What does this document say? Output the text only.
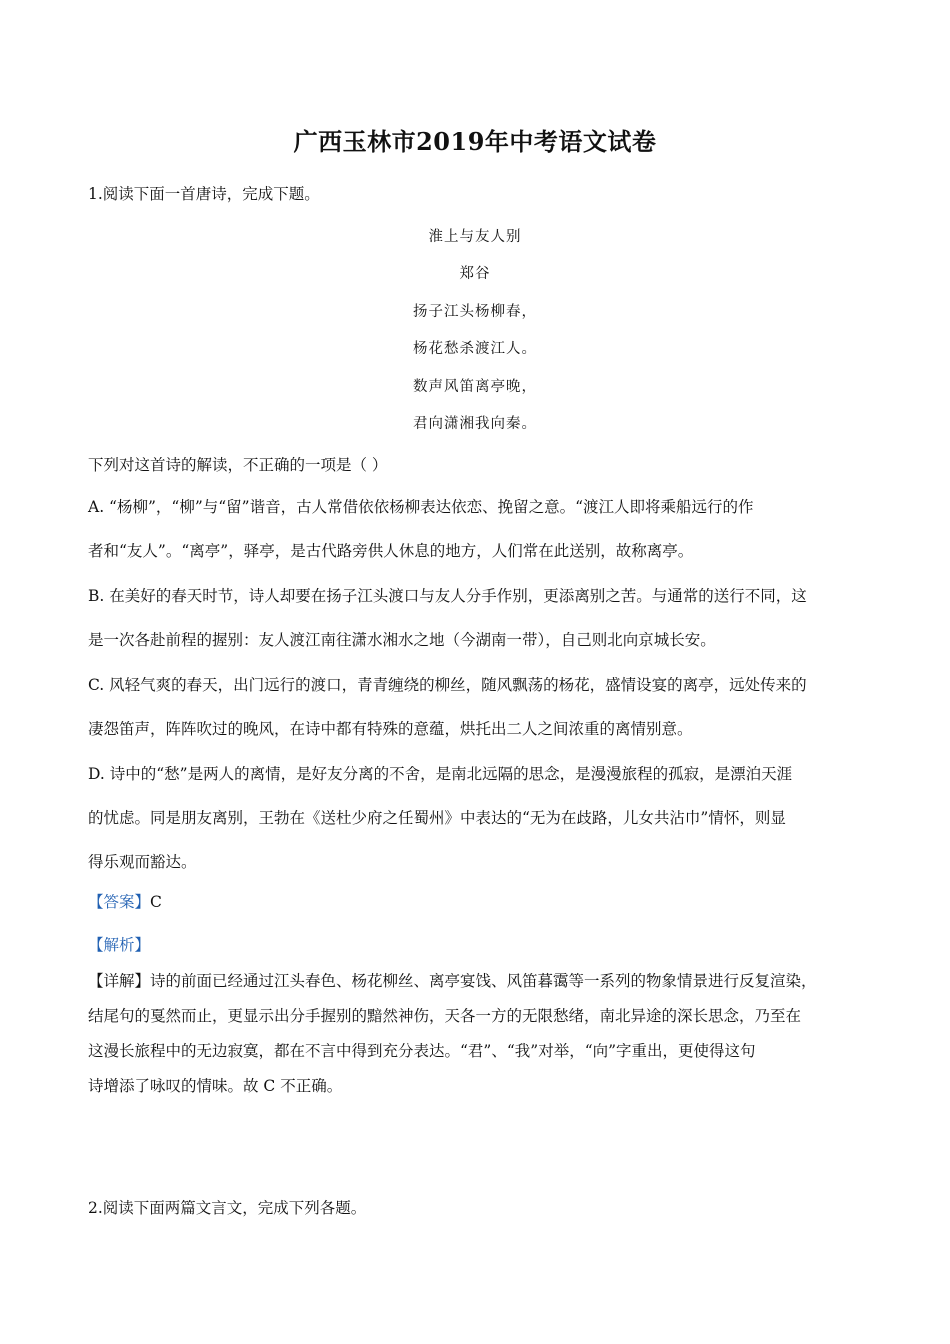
广西玉林市2019年中考语文试卷
1.阅读下面一首唐诗，完成下题。
淮上与友人别
郑谷
扬子江头杨柳春，
杨花愁杀渡江人。
数声风笛离亭晚，
君向潇湘我向秦。
下列对这首诗的解读，不正确的一项是（ ）

A. “杨柳”，“柳”与“留”谐音，古人常借依依杨柳表达依恋、挽留之意。“渡江人即将乘船远行的作

者和“友人”。“离亭”，驿亭，是古代路旁供人休息的地方，人们常在此送别，故称离亭。

B. 在美好的春天时节，诗人却要在扬子江头渡口与友人分手作别，更添离别之苦。与通常的送行不同，这

是一次各赴前程的握别：友人渡江南往潇水湘水之地（今湖南一带），自己则北向京城长安。

C. 风轻气爽的春天，出门远行的渡口，青青缠绕的柳丝，随风飘荡的杨花，盛情设宴的离亭，远处传来的

凄怨笛声，阵阵吹过的晚风，在诗中都有特殊的意蕴，烘托出二人之间浓重的离情别意。

D. 诗中的“愁”是两人的离情，是好友分离的不舍，是南北远隔的思念，是漫漫旅程的孤寂，是漂泊天涯

的忧虑。同是朋友离别，王勃在《送杜少府之任蜀州》中表达的“无为在歧路，儿女共沾巾”情怀，则显

得乐观而豁达。

【答案】C
【解析】

【详解】诗的前面已经通过江头春色、杨花柳丝、离亭宴饯、风笛暮霭等一系列的物象情景进行反复渲染，

结尾句的戛然而止，更显示出分手握别的黯然神伤，天各一方的无限愁绪，南北异途的深长思念，乃至在

这漫长旅程中的无边寂寞，都在不言中得到充分表达。“君”、“我”对举，“向”字重出，更使得这句

诗增添了咏叹的情味。故 C 不正确。

2.阅读下面两篇文言文，完成下列各题。
